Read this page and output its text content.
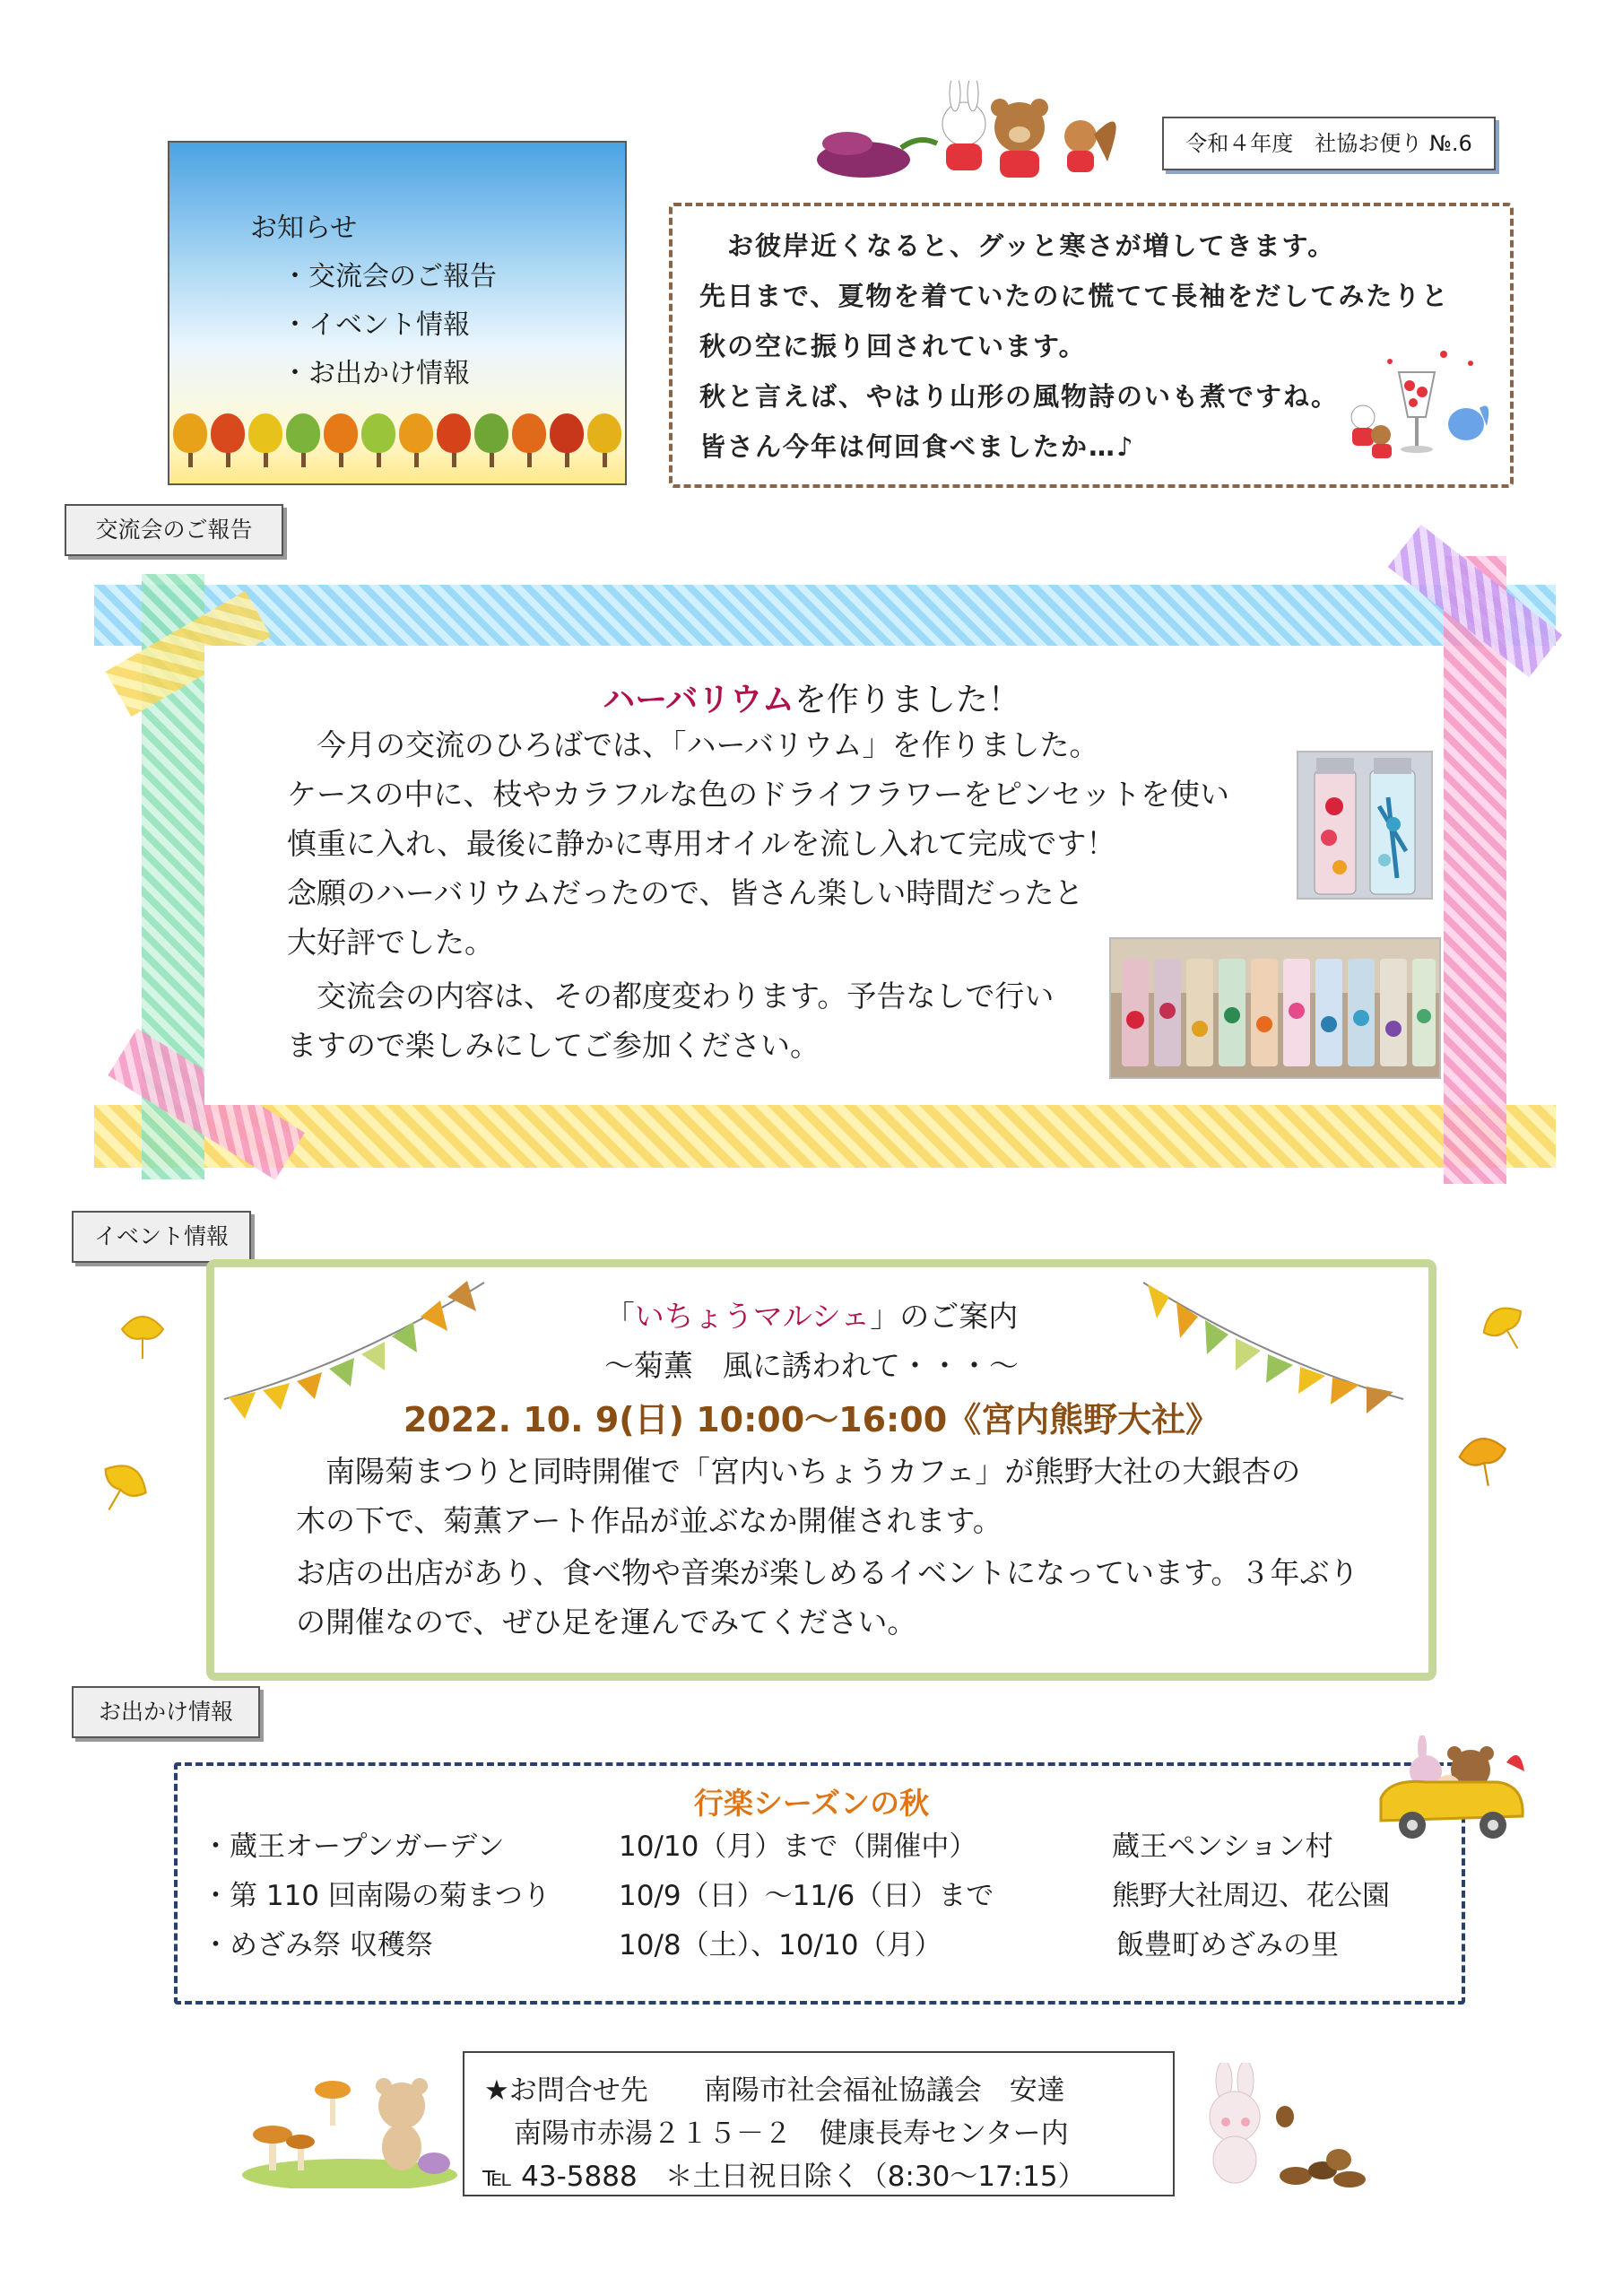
お知らせ
・交流会のご報告
・イベント情報
・お出かけ情報
令和４年度　社協お便り №.6
　お彼岸近くなると、グッと寒さが増してきます。
先日まで、夏物を着ていたのに慌てて長袖をだしてみたりと
秋の空に振り回されています。
秋と言えば、やはり山形の風物詩のいも煮ですね。
皆さん今年は何回食べましたか…♪
交流会のご報告
ハーバリウムを作りました！
　今月の交流のひろばでは、「ハーバリウム」を作りました。
ケースの中に、枝やカラフルな色のドライフラワーをピンセットを使い
慎重に入れ、最後に静かに専用オイルを流し入れて完成です！
念願のハーバリウムだったので、皆さん楽しい時間だったと
大好評でした。
　交流会の内容は、その都度変わります。予告なしで行い
ますので楽しみにしてご参加ください。
イベント情報
「いちょうマルシェ」のご案内
～菊薫　風に誘われて・・・～
2022. 10. 9(日) 10:00～16:00《宮内熊野大社》
　南陽菊まつりと同時開催で「宮内いちょうカフェ」が熊野大社の大銀杏の
木の下で、菊薫アート作品が並ぶなか開催されます。
お店の出店があり、食べ物や音楽が楽しめるイベントになっています。３年ぶり
の開催なので、ぜひ足を運んでみてください。
お出かけ情報
行楽シーズンの秋
・蔵王オープンガーデン	10/10（月）まで（開催中）	蔵王ペンション村
・第 110 回南陽の菊まつり 10/9（日）～11/6（日）まで	熊野大社周辺、花公園
・めざみ祭 収穫祭	10/8（土）、10/10（月）	飯豊町めざみの里
★お問合せ先　　南陽市社会福祉協議会　安達
南陽市赤湯２１５－２　健康長寿センター内
℡ 43-5888　＊土日祝日除く（8:30～17:15）
